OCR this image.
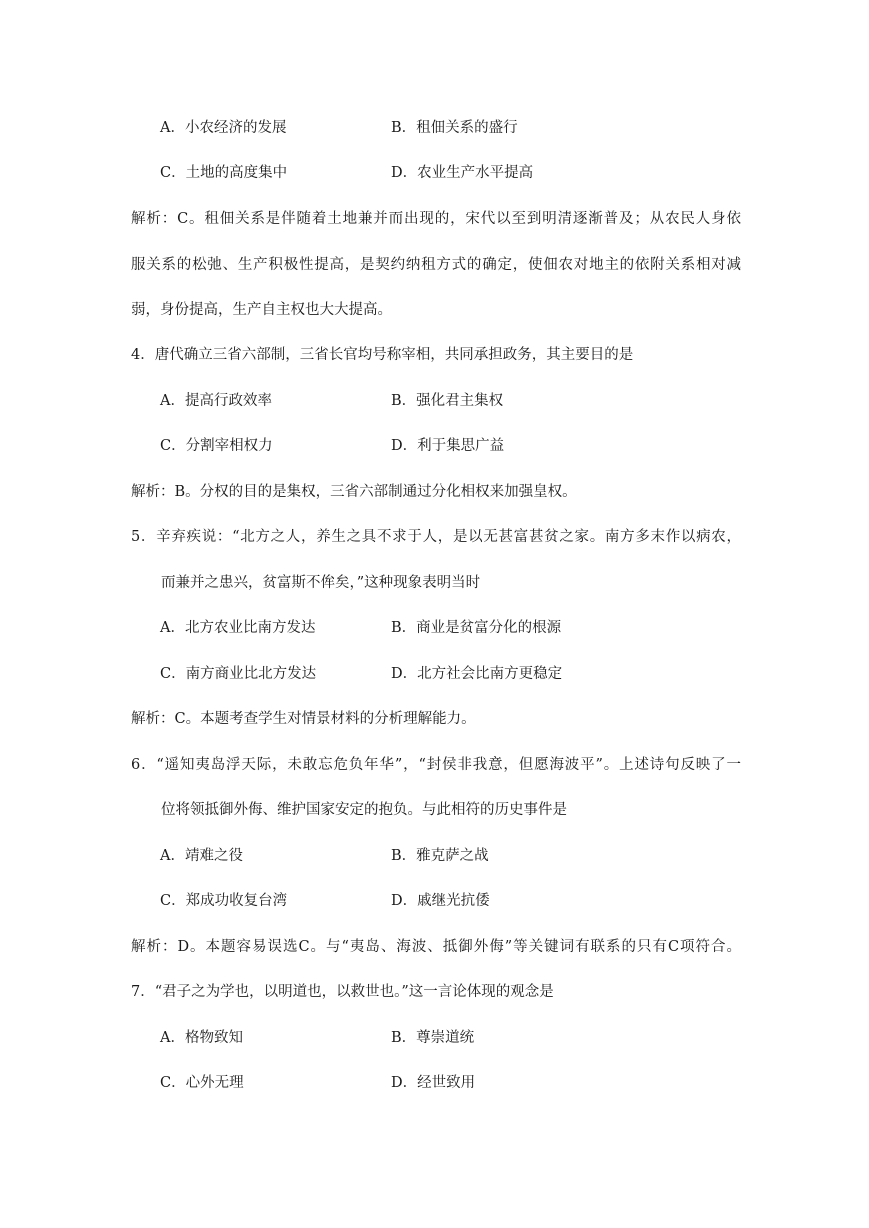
A．小农经济的发展	B．租佃关系的盛行
C．土地的高度集中	D．农业生产水平提高
解析：C。租佃关系是伴随着土地兼并而出现的，宋代以至到明清逐渐普及；从农民人身依
服关系的松弛、生产积极性提高，是契约纳租方式的确定，使佃农对地主的依附关系相对减
弱，身份提高，生产自主权也大大提高。
4．唐代确立三省六部制，三省长官均号称宰相，共同承担政务，其主要目的是
A．提高行政效率	B．强化君主集权
C．分割宰相权力	D．利于集思广益
解析：B。分权的目的是集权，三省六部制通过分化相权来加强皇权。
5．辛弃疾说：“北方之人，养生之具不求于人，是以无甚富甚贫之家。南方多末作以病农，
而兼并之患兴，贫富斯不侔矣，”这种现象表明当时
A．北方农业比南方发达	B．商业是贫富分化的根源
C．南方商业比北方发达	D．北方社会比南方更稳定
解析：C。本题考查学生对情景材料的分析理解能力。
6．“遥知夷岛浮天际，未敢忘危负年华”，“封侯非我意，但愿海波平”。上述诗句反映了一
位将领抵御外侮、维护国家安定的抱负。与此相符的历史事件是
A．靖难之役	B．雅克萨之战
C．郑成功收复台湾	D．戚继光抗倭
解析：D。本题容易误选C。与“夷岛、海波、抵御外侮”等关键词有联系的只有C项符合。
7．“君子之为学也，以明道也，以救世也。”这一言论体现的观念是
A．格物致知	B．尊崇道统
C．心外无理	D．经世致用
